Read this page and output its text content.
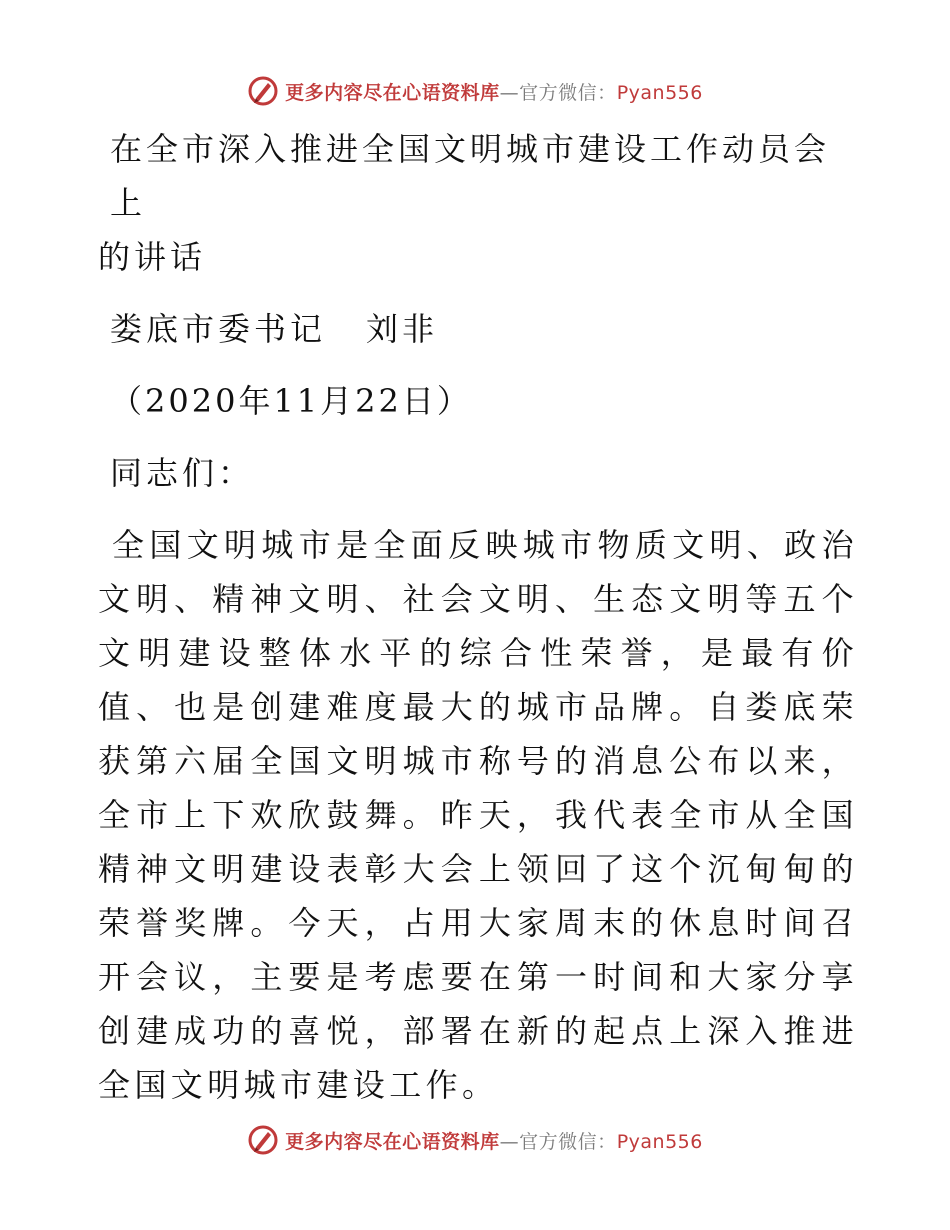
更多内容尽在心语资料库—官方微信：Pyan556

在全市深入推进全国文明城市建设工作动员会上

的讲话

娄底市委书记 刘非

（2020年11月22日）

同志们：

全国文明城市是全面反映城市物质文明、政治文明、精神文明、社会文明、生态文明等五个文明建设整体水平的综合性荣誉，是最有价值、也是创建难度最大的城市品牌。自娄底荣获第六届全国文明城市称号的消息公布以来，全市上下欢欣鼓舞。昨天，我代表全市从全国精神文明建设表彰大会上领回了这个沉甸甸的荣誉奖牌。今天，占用大家周末的休息时间召开会议，主要是考虑要在第一时间和大家分享创建成功的喜悦，部署在新的起点上深入推进全国文明城市建设工作。

更多内容尽在心语资料库—官方微信：Pyan556
